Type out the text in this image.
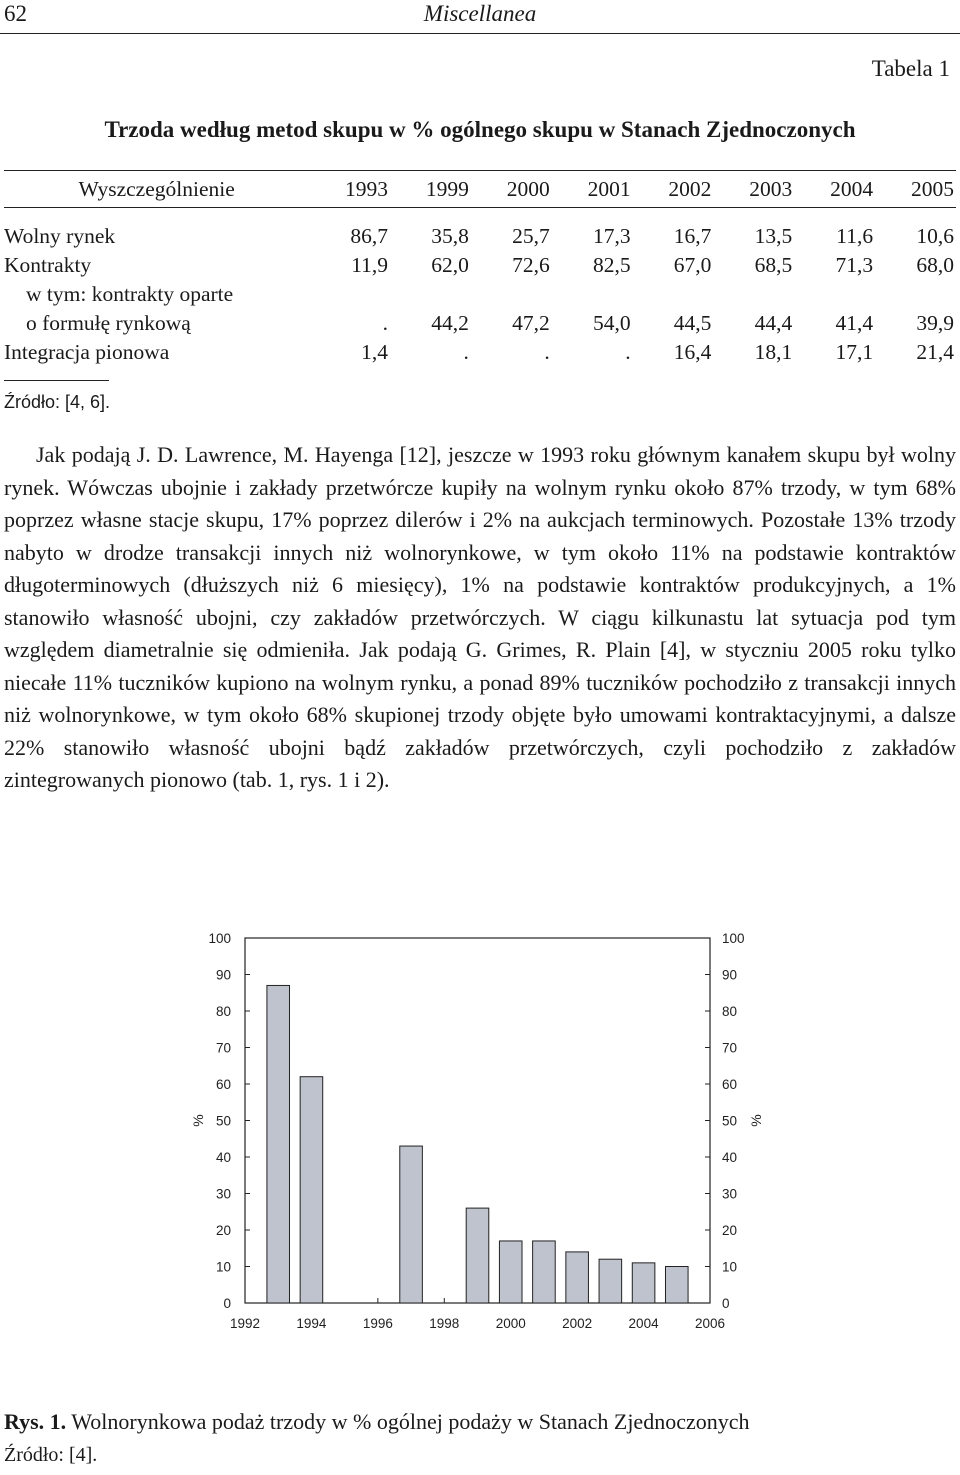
62	Miscellanea
Tabela 1
Trzoda według metod skupu w % ogólnego skupu w Stanach Zjednoczonych
Wyszczególnienie	1993	1999	2000	2001	2002	2003	2004	2005
Wolny rynek	86,7	35,8	25,7	17,3	16,7	13,5	11,6	10,6
Kontrakty	11,9	62,0	72,6	82,5	67,0	68,5	71,3	68,0
w tym: kontrakty oparte								
o formułę rynkową	.	44,2	47,2	54,0	44,5	44,4	41,4	39,9
Integracja pionowa	1,4	.	.	.	16,4	18,1	17,1	21,4
Źródło: [4, 6].

Jak podają J. D. Lawrence, M. Hayenga [12], jeszcze w 1993 roku głównym kanałem skupu był wolny rynek. Wówczas ubojnie i zakłady przetwórcze kupiły na wolnym rynku około 87% trzody, w tym 68% poprzez własne stacje skupu, 17% poprzez dilerów i 2% na aukcjach terminowych. Pozostałe 13% trzody nabyto w drodze transakcji innych niż wolnorynkowe, w tym około 11% na podstawie kontraktów długoterminowych (dłuższych niż 6 miesięcy), 1% na podstawie kontraktów produkcyjnych, a 1% stanowiło własność ubojni, czy zakładów przetwórczych. W ciągu kilkunastu lat sytuacja pod tym względem diametralnie się odmieniła. Jak podają G. Grimes, R. Plain [4], w styczniu 2005 roku tylko niecałe 11% tuczników kupiono na wolnym rynku, a ponad 89% tuczników pochodziło z transakcji innych niż wolnorynkowe, w tym około 68% skupionej trzody objęte było umowami kontraktacyjnymi, a dalsze 22% stanowiło własność ubojni bądź zakładów przetwórczych, czyli pochodziło z zakładów zintegrowanych pionowo (tab. 1, rys. 1 i 2).

0	0
10	10
20	20
30	30
40	40
50	50
60	60
70	70
80	80
90	90
100	100
1992	1994	1996	1998	2000	2002	2004	2006
%	%
Rys. 1. Wolnorynkowa podaż trzody w % ogólnej podaży w Stanach Zjednoczonych
Źródło: [4].
